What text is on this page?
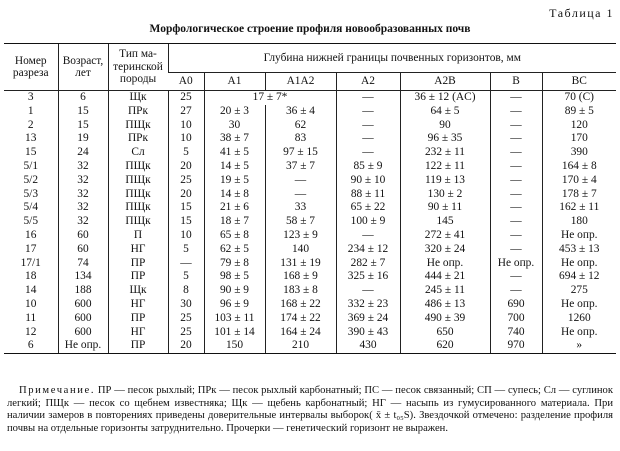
Таблица 1
Морфологическое строение профиля новообразованных почв
Номер разреза	Возраст, лет	Тип ма- теринской породы	Глубина нижней границы почвенных горизонтов, мм						
			A0	A1	A1A2	A2	A2B	B	BC
3	6	Щк	25	17 ± 7*		—	36 ± 12 (AC)	—	70 (С)
1	15	ПРк	27	20 ± 3	36 ± 4	—	64 ± 5	—	89 ± 5
2	15	ПЩк	10	30	62	—	90	—	120
13	19	ПРк	10	38 ± 7	83	—	96 ± 35	—	170
15	24	Сл	5	41 ± 5	97 ± 15	—	232 ± 11	—	390
5/1	32	ПЩк	20	14 ± 5	37 ± 7	85 ± 9	122 ± 11	—	164 ± 8
5/2	32	ПЩк	25	19 ± 5	—	90 ± 10	119 ± 13	—	170 ± 4
5/3	32	ПЩк	20	14 ± 8	—	88 ± 11	130 ± 2	—	178 ± 7
5/4	32	ПЩк	15	21 ± 6	33	65 ± 22	90 ± 11	—	162 ± 11
5/5	32	ПЩк	15	18 ± 7	58 ± 7	100 ± 9	145	—	180
16	60	П	10	65 ± 8	123 ± 9	—	272 ± 41	—	Не опр.
17	60	НГ	5	62 ± 5	140	234 ± 12	320 ± 24	—	453 ± 13
17/1	74	ПР	—	79 ± 8	131 ± 19	282 ± 7	Не опр.	Не опр.	Не опр.
18	134	ПР	5	98 ± 5	168 ± 9	325 ± 16	444 ± 21	—	694 ± 12
14	188	Щк	8	90 ± 9	183 ± 8	—	245 ± 11	—	275
10	600	НГ	30	96 ± 9	168 ± 22	332 ± 23	486 ± 13	690	Не опр.
11	600	ПР	25	103 ± 11	174 ± 22	369 ± 24	490 ± 39	700	1260
12	600	НГ	25	101 ± 14	164 ± 24	390 ± 43	650	740	Не опр.
6	Не опр.	ПР	20	150	210	430	620	970	»

Примечание. ПР — песок рыхлый; ПРк — песок рыхлый карбонатный; ПС — песок связанный; СП — супесь; Сл — суглинок легкий; ПЩк — песок со щебнем известняка; Щк — щебень карбонатный; НГ — насыпь из гумусированного материала. При наличии замеров в повторениях приведены доверительные интервалы выборок( x̄ ± t₀₅S). Звездочкой отмечено: разделение профиля почвы на отдельные горизонты затруднительно. Прочерки — генетический горизонт не выражен.
